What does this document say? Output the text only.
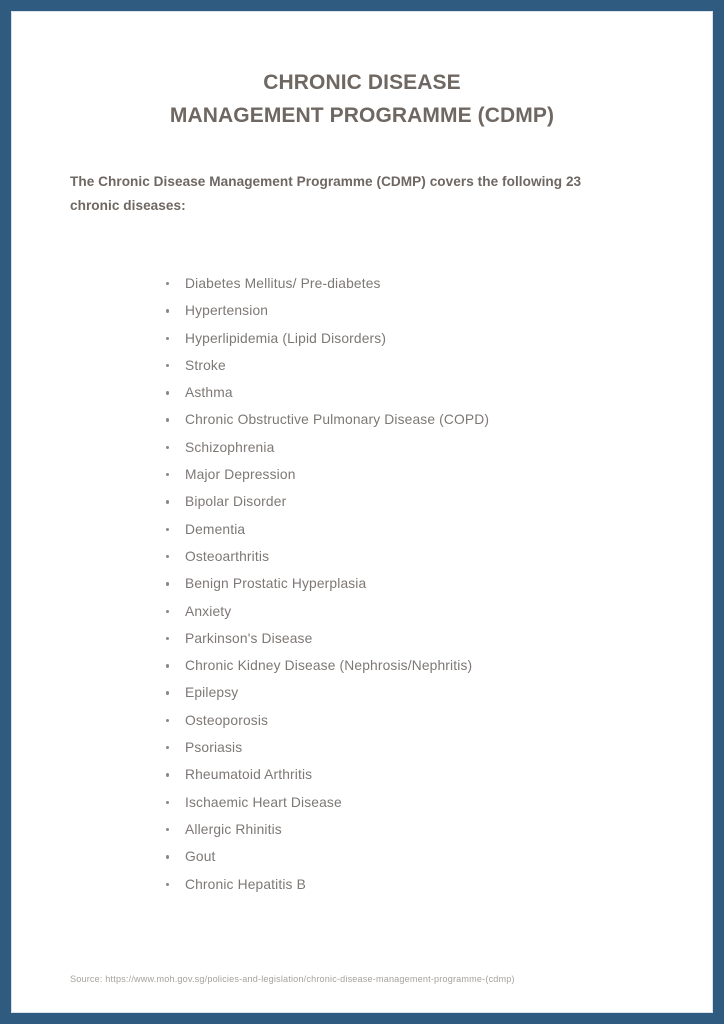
CHRONIC DISEASE
MANAGEMENT PROGRAMME (CDMP)
The Chronic Disease Management Programme (CDMP) covers the following 23 chronic diseases:
Diabetes Mellitus/ Pre-diabetes
Hypertension
Hyperlipidemia (Lipid Disorders)
Stroke
Asthma
Chronic Obstructive Pulmonary Disease (COPD)
Schizophrenia
Major Depression
Bipolar Disorder
Dementia
Osteoarthritis
Benign Prostatic Hyperplasia
Anxiety
Parkinson's Disease
Chronic Kidney Disease (Nephrosis/Nephritis)
Epilepsy
Osteoporosis
Psoriasis
Rheumatoid Arthritis
Ischaemic Heart Disease
Allergic Rhinitis
Gout
Chronic Hepatitis B
Source: https://www.moh.gov.sg/policies-and-legislation/chronic-disease-management-programme-(cdmp)
